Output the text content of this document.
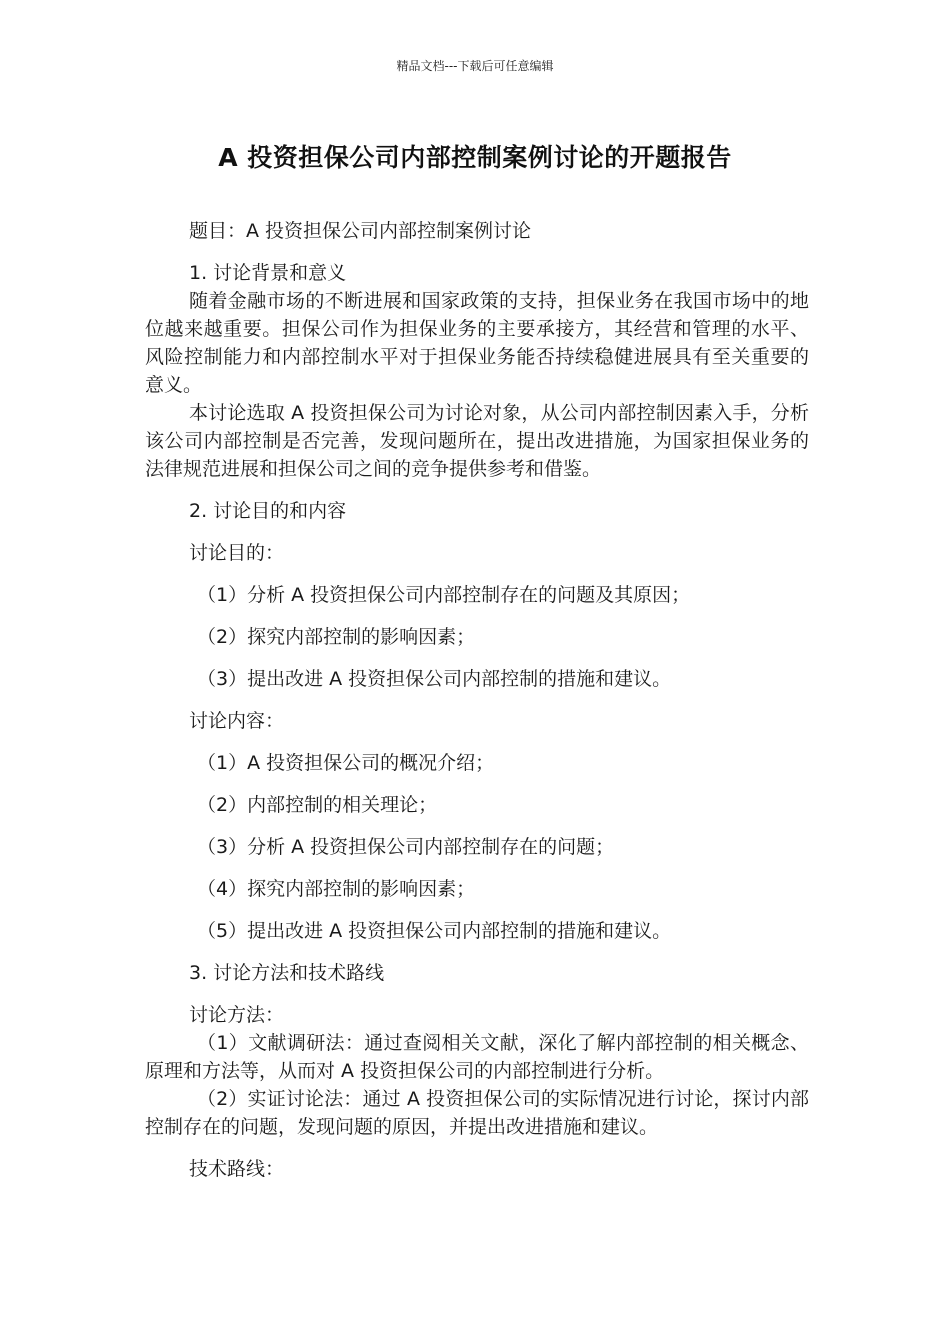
精品文档---下载后可任意编辑
A 投资担保公司内部控制案例讨论的开题报告

题目：A 投资担保公司内部控制案例讨论

1. 讨论背景和意义

随着金融市场的不断进展和国家政策的支持，担保业务在我国市场中的地位越来越重要。担保公司作为担保业务的主要承接方，其经营和管理的水平、风险控制能力和内部控制水平对于担保业务能否持续稳健进展具有至关重要的意义。

本讨论选取 A 投资担保公司为讨论对象，从公司内部控制因素入手，分析该公司内部控制是否完善，发现问题所在，提出改进措施，为国家担保业务的法律规范进展和担保公司之间的竞争提供参考和借鉴。

2. 讨论目的和内容

讨论目的：

（1）分析 A 投资担保公司内部控制存在的问题及其原因；

（2）探究内部控制的影响因素；

（3）提出改进 A 投资担保公司内部控制的措施和建议。

讨论内容：

（1）A 投资担保公司的概况介绍；

（2）内部控制的相关理论；

（3）分析 A 投资担保公司内部控制存在的问题；

（4）探究内部控制的影响因素；

（5）提出改进 A 投资担保公司内部控制的措施和建议。

3. 讨论方法和技术路线

讨论方法：

（1）文献调研法：通过查阅相关文献，深化了解内部控制的相关概念、原理和方法等，从而对 A 投资担保公司的内部控制进行分析。

（2）实证讨论法：通过 A 投资担保公司的实际情况进行讨论，探讨内部控制存在的问题，发现问题的原因，并提出改进措施和建议。

技术路线：
